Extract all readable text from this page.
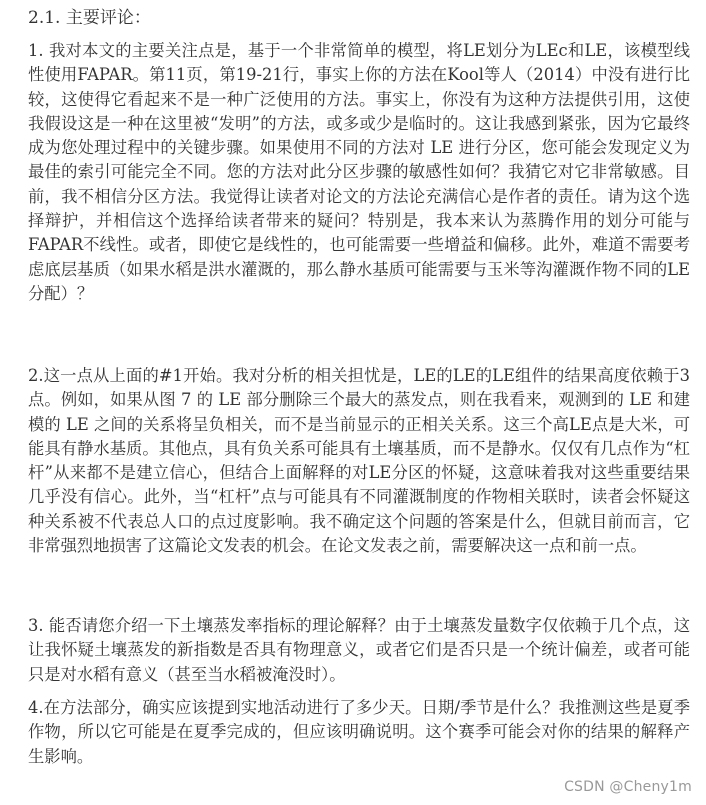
2.1. 主要评论：

1. 我对本文的主要关注点是，基于一个非常简单的模型，将LE划分为LEc和LE，该模型线性使用FAPAR。第11页，第19-21行，事实上你的方法在Kool等人（2014）中没有进行比较，这使得它看起来不是一种广泛使用的方法。事实上，你没有为这种方法提供引用，这使我假设这是一种在这里被“发明”的方法，或多或少是临时的。这让我感到紧张，因为它最终成为您处理过程中的关键步骤。如果使用不同的方法对 LE 进行分区，您可能会发现定义为最佳的索引可能完全不同。您的方法对此分区步骤的敏感性如何？我猜它对它非常敏感。目前，我不相信分区方法。我觉得让读者对论文的方法论充满信心是作者的责任。请为这个选择辩护，并相信这个选择给读者带来的疑问？特别是，我本来认为蒸腾作用的划分可能与FAPAR不线性。或者，即使它是线性的，也可能需要一些增益和偏移。此外，难道不需要考虑底层基质（如果水稻是洪水灌溉的，那么静水基质可能需要与玉米等沟灌溉作物不同的LE分配）？

2.这一点从上面的#1开始。我对分析的相关担忧是，LE的LE的LE组件的结果高度依赖于3点。例如，如果从图 7 的 LE 部分删除三个最大的蒸发点，则在我看来，观测到的 LE 和建模的 LE 之间的关系将呈负相关，而不是当前显示的正相关关系。这三个高LE点是大米，可能具有静水基质。其他点，具有负关系可能具有土壤基质，而不是静水。仅仅有几点作为“杠杆”从来都不是建立信心，但结合上面解释的对LE分区的怀疑，这意味着我对这些重要结果几乎没有信心。此外，当“杠杆”点与可能具有不同灌溉制度的作物相关联时，读者会怀疑这种关系被不代表总人口的点过度影响。我不确定这个问题的答案是什么，但就目前而言，它非常强烈地损害了这篇论文发表的机会。在论文发表之前，需要解决这一点和前一点。

3. 能否请您介绍一下土壤蒸发率指标的理论解释？由于土壤蒸发量数字仅依赖于几个点，这让我怀疑土壤蒸发的新指数是否具有物理意义，或者它们是否只是一个统计偏差，或者可能只是对水稻有意义（甚至当水稻被淹没时）。

4.在方法部分，确实应该提到实地活动进行了多少天。日期/季节是什么？我推测这些是夏季作物，所以它可能是在夏季完成的，但应该明确说明。这个赛季可能会对你的结果的解释产生影响。

CSDN @Cheny1m
